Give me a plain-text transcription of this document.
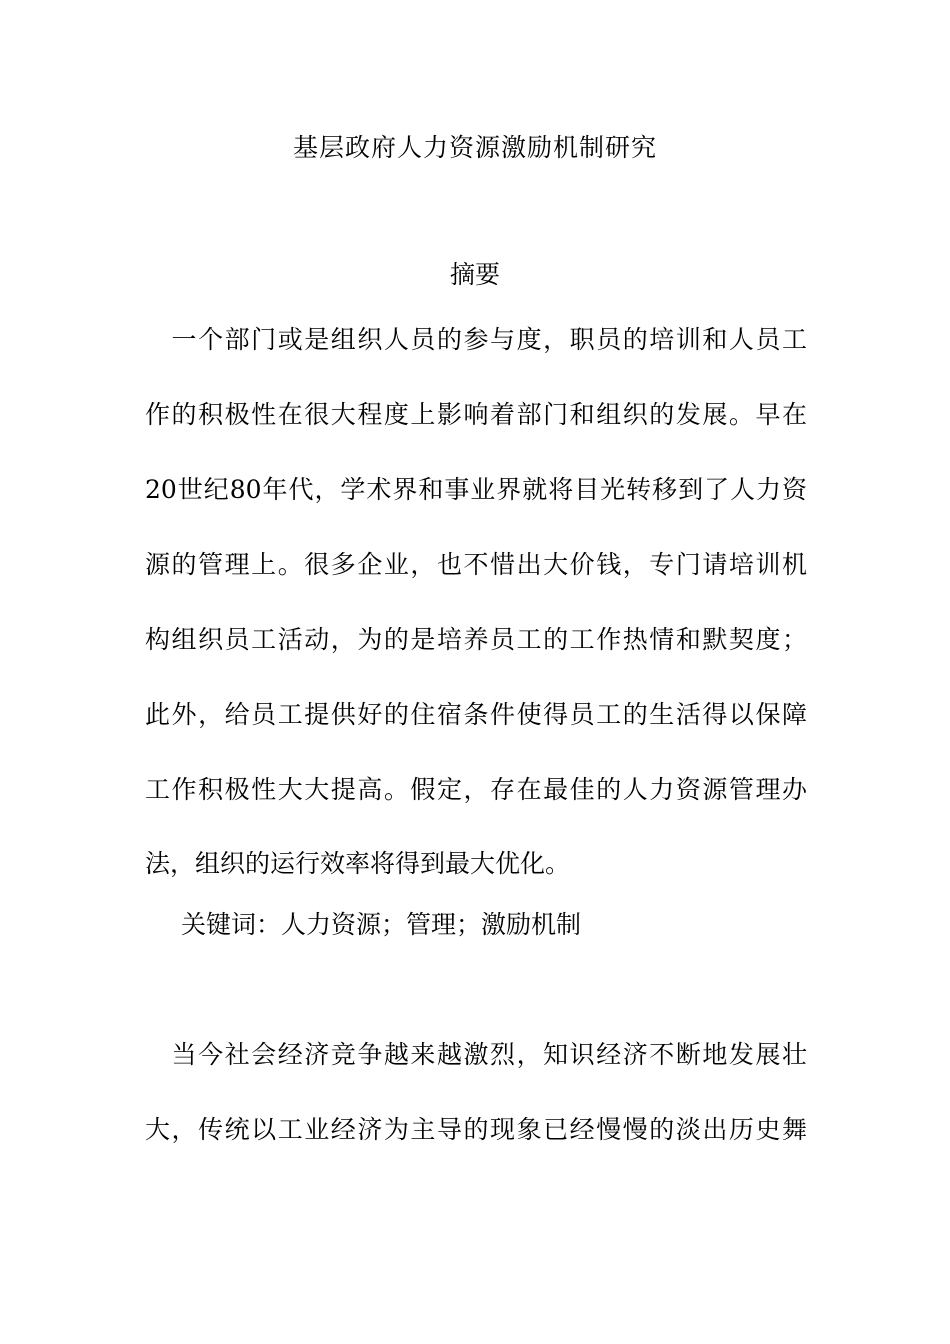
基层政府人力资源激励机制研究
摘要
　一个部门或是组织人员的参与度，职员的培训和人员工
作的积极性在很大程度上影响着部门和组织的发展。早在
20世纪80年代，学术界和事业界就将目光转移到了人力资
源的管理上。很多企业，也不惜出大价钱，专门请培训机
构组织员工活动，为的是培养员工的工作热情和默契度；
此外，给员工提供好的住宿条件使得员工的生活得以保障
工作积极性大大提高。假定，存在最佳的人力资源管理办
法，组织的运行效率将得到最大优化。
关键词：人力资源；管理；激励机制
　当今社会经济竞争越来越激烈，知识经济不断地发展壮
大，传统以工业经济为主导的现象已经慢慢的淡出历史舞
